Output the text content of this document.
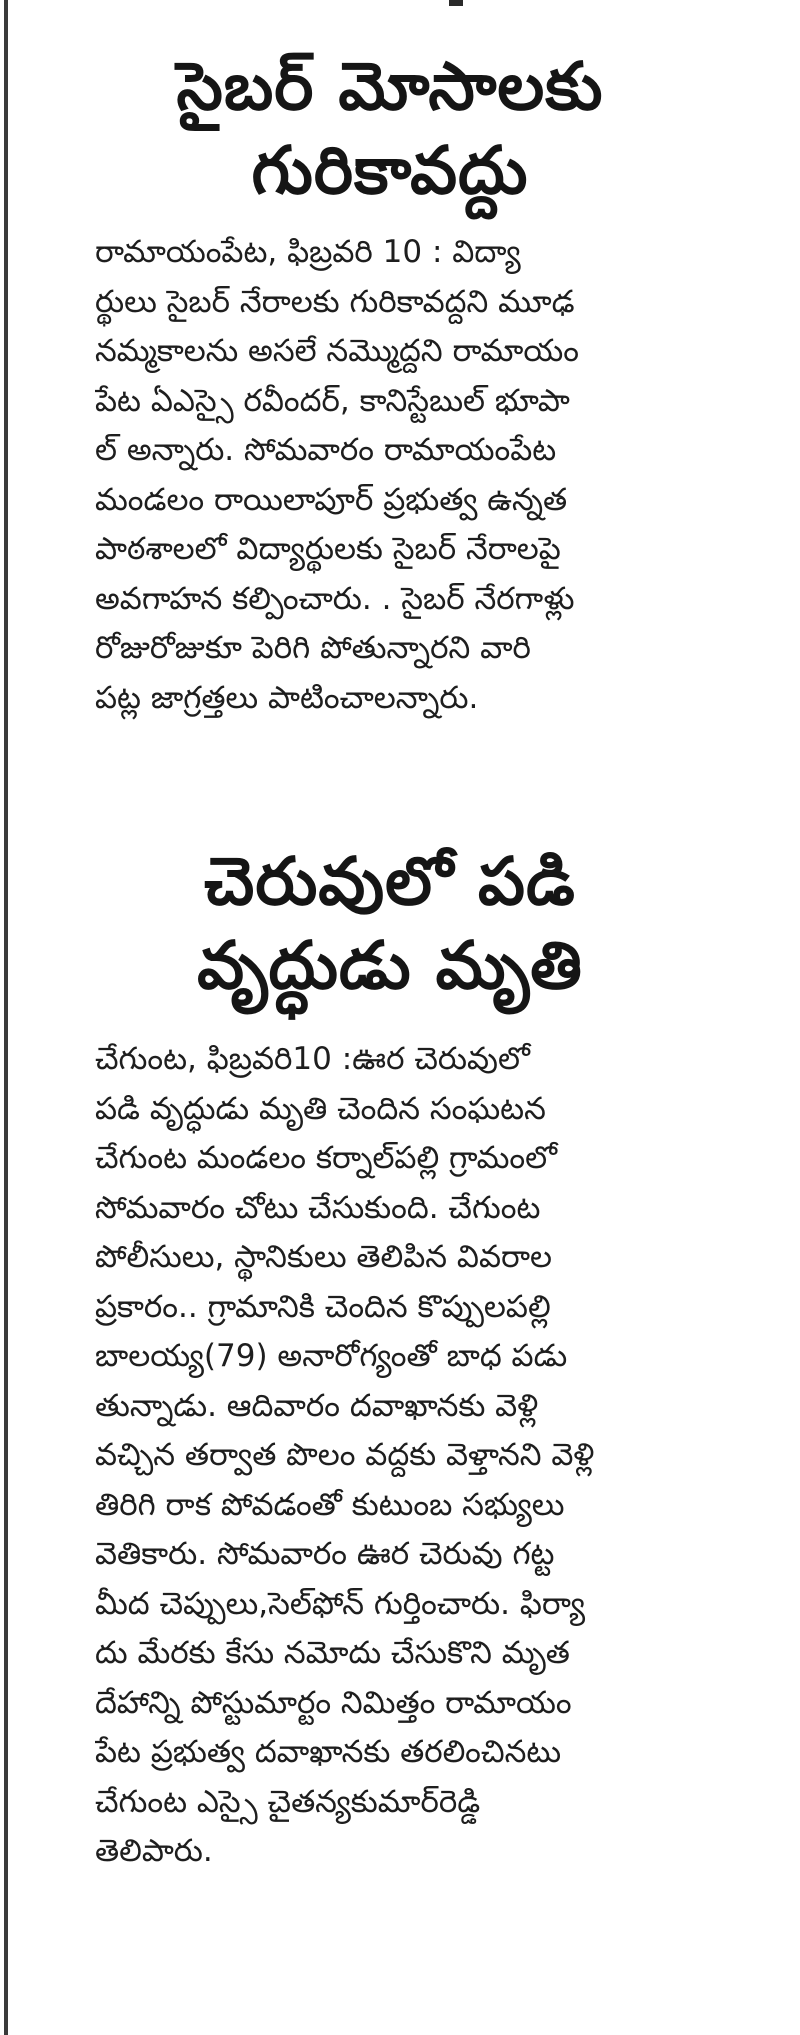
సైబర్ మోసాలకు
గురికావద్దు

రామాయంపేట, ఫిబ్రవరి 10 : విద్యా
ర్థులు సైబర్ నేరాలకు గురికావద్దని మూఢ
నమ్మకాలను అసలే నమ్మొద్దని రామాయం
పేట ఏఎస్సై రవీందర్, కానిస్టేబుల్ భూపా
ల్ అన్నారు. సోమవారం రామాయంపేట
మండలం రాయిలాపూర్ ప్రభుత్వ ఉన్నత
పాఠశాలలో విద్యార్థులకు సైబర్ నేరాలపై
అవగాహన కల్పించారు. . సైబర్ నేరగాళ్లు
రోజురోజుకూ పెరిగి పోతున్నారని వారి
పట్ల జాగ్రత్తలు పాటించాలన్నారు.

చెరువులో పడి
వృద్ధుడు మృతి

చేగుంట, ఫిబ్రవరి10 :ఊర చెరువులో
పడి వృద్ధుడు మృతి చెందిన సంఘటన
చేగుంట మండలం కర్నాల్‌పల్లి గ్రామంలో
సోమవారం చోటు చేసుకుంది. చేగుంట
పోలీసులు, స్థానికులు తెలిపిన వివరాల
ప్రకారం.. గ్రామానికి చెందిన కొప్పులపల్లి
బాలయ్య(79) అనారోగ్యంతో బాధ పడు
తున్నాడు. ఆదివారం దవాఖానకు వెళ్లి
వచ్చిన తర్వాత పొలం వద్దకు వెళ్తానని వెళ్లి
తిరిగి రాక పోవడంతో కుటుంబ సభ్యులు
వెతికారు. సోమవారం ఊర చెరువు గట్ట
మీద చెప్పులు,సెల్‌ఫోన్ గుర్తించారు. ఫిర్యా
దు మేరకు కేసు నమోదు చేసుకొని మృత
దేహాన్ని పోస్టుమార్టం నిమిత్తం రామాయం
పేట ప్రభుత్వ దవాఖానకు తరలించినటు
చేగుంట ఎస్సై చైతన్యకుమార్‌రెడ్డి
తెలిపారు.
